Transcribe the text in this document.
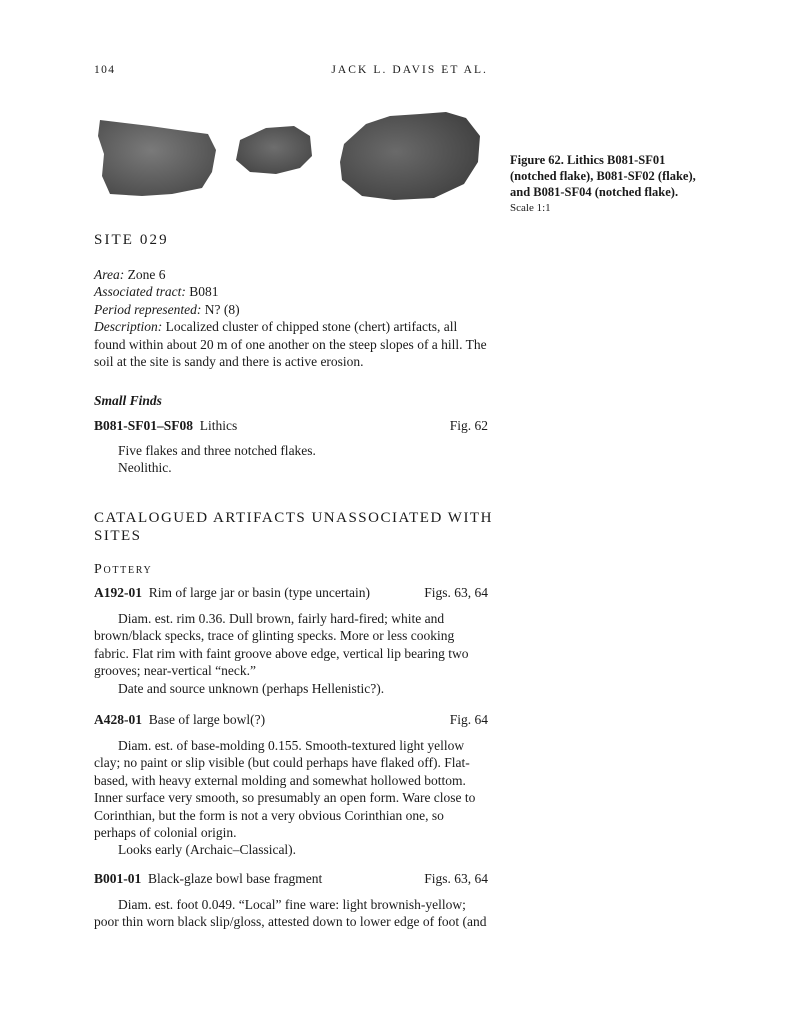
104	JACK L. DAVIS ET AL.
Figure 62. Lithics B081-SF01 (notched flake), B081-SF02 (flake), and B081-SF04 (notched flake).
Scale 1:1
SITE 029

Area: Zone 6

Associated tract: B081

Period represented: N? (8)

Description: Localized cluster of chipped stone (chert) artifacts, all found within about 20 m of one another on the steep slopes of a hill. The soil at the site is sandy and there is active erosion.

Small Finds
B081-SF01–SF08 Lithics	Fig. 62
Five flakes and three notched flakes.
Neolithic.
CATALOGUED ARTIFACTS UNASSOCIATED WITH SITES
Pottery
A192-01 Rim of large jar or basin (type uncertain)	Figs. 63, 64

Diam. est. rim 0.36. Dull brown, fairly hard-fired; white and brown/black specks, trace of glinting specks. More or less cooking fabric. Flat rim with faint groove above edge, vertical lip bearing two grooves; near-vertical “neck.”

Date and source unknown (perhaps Hellenistic?).

A428-01 Base of large bowl(?)	Fig. 64

Diam. est. of base-molding 0.155. Smooth-textured light yellow clay; no paint or slip visible (but could perhaps have flaked off). Flat-based, with heavy external molding and somewhat hollowed bottom. Inner surface very smooth, so presumably an open form. Ware close to Corinthian, but the form is not a very obvious Corinthian one, so perhaps of colonial origin.

Looks early (Archaic–Classical).

B001-01 Black-glaze bowl base fragment	Figs. 63, 64

Diam. est. foot 0.049. “Local” fine ware: light brownish-yellow; poor thin worn black slip/gloss, attested down to lower edge of foot (and
